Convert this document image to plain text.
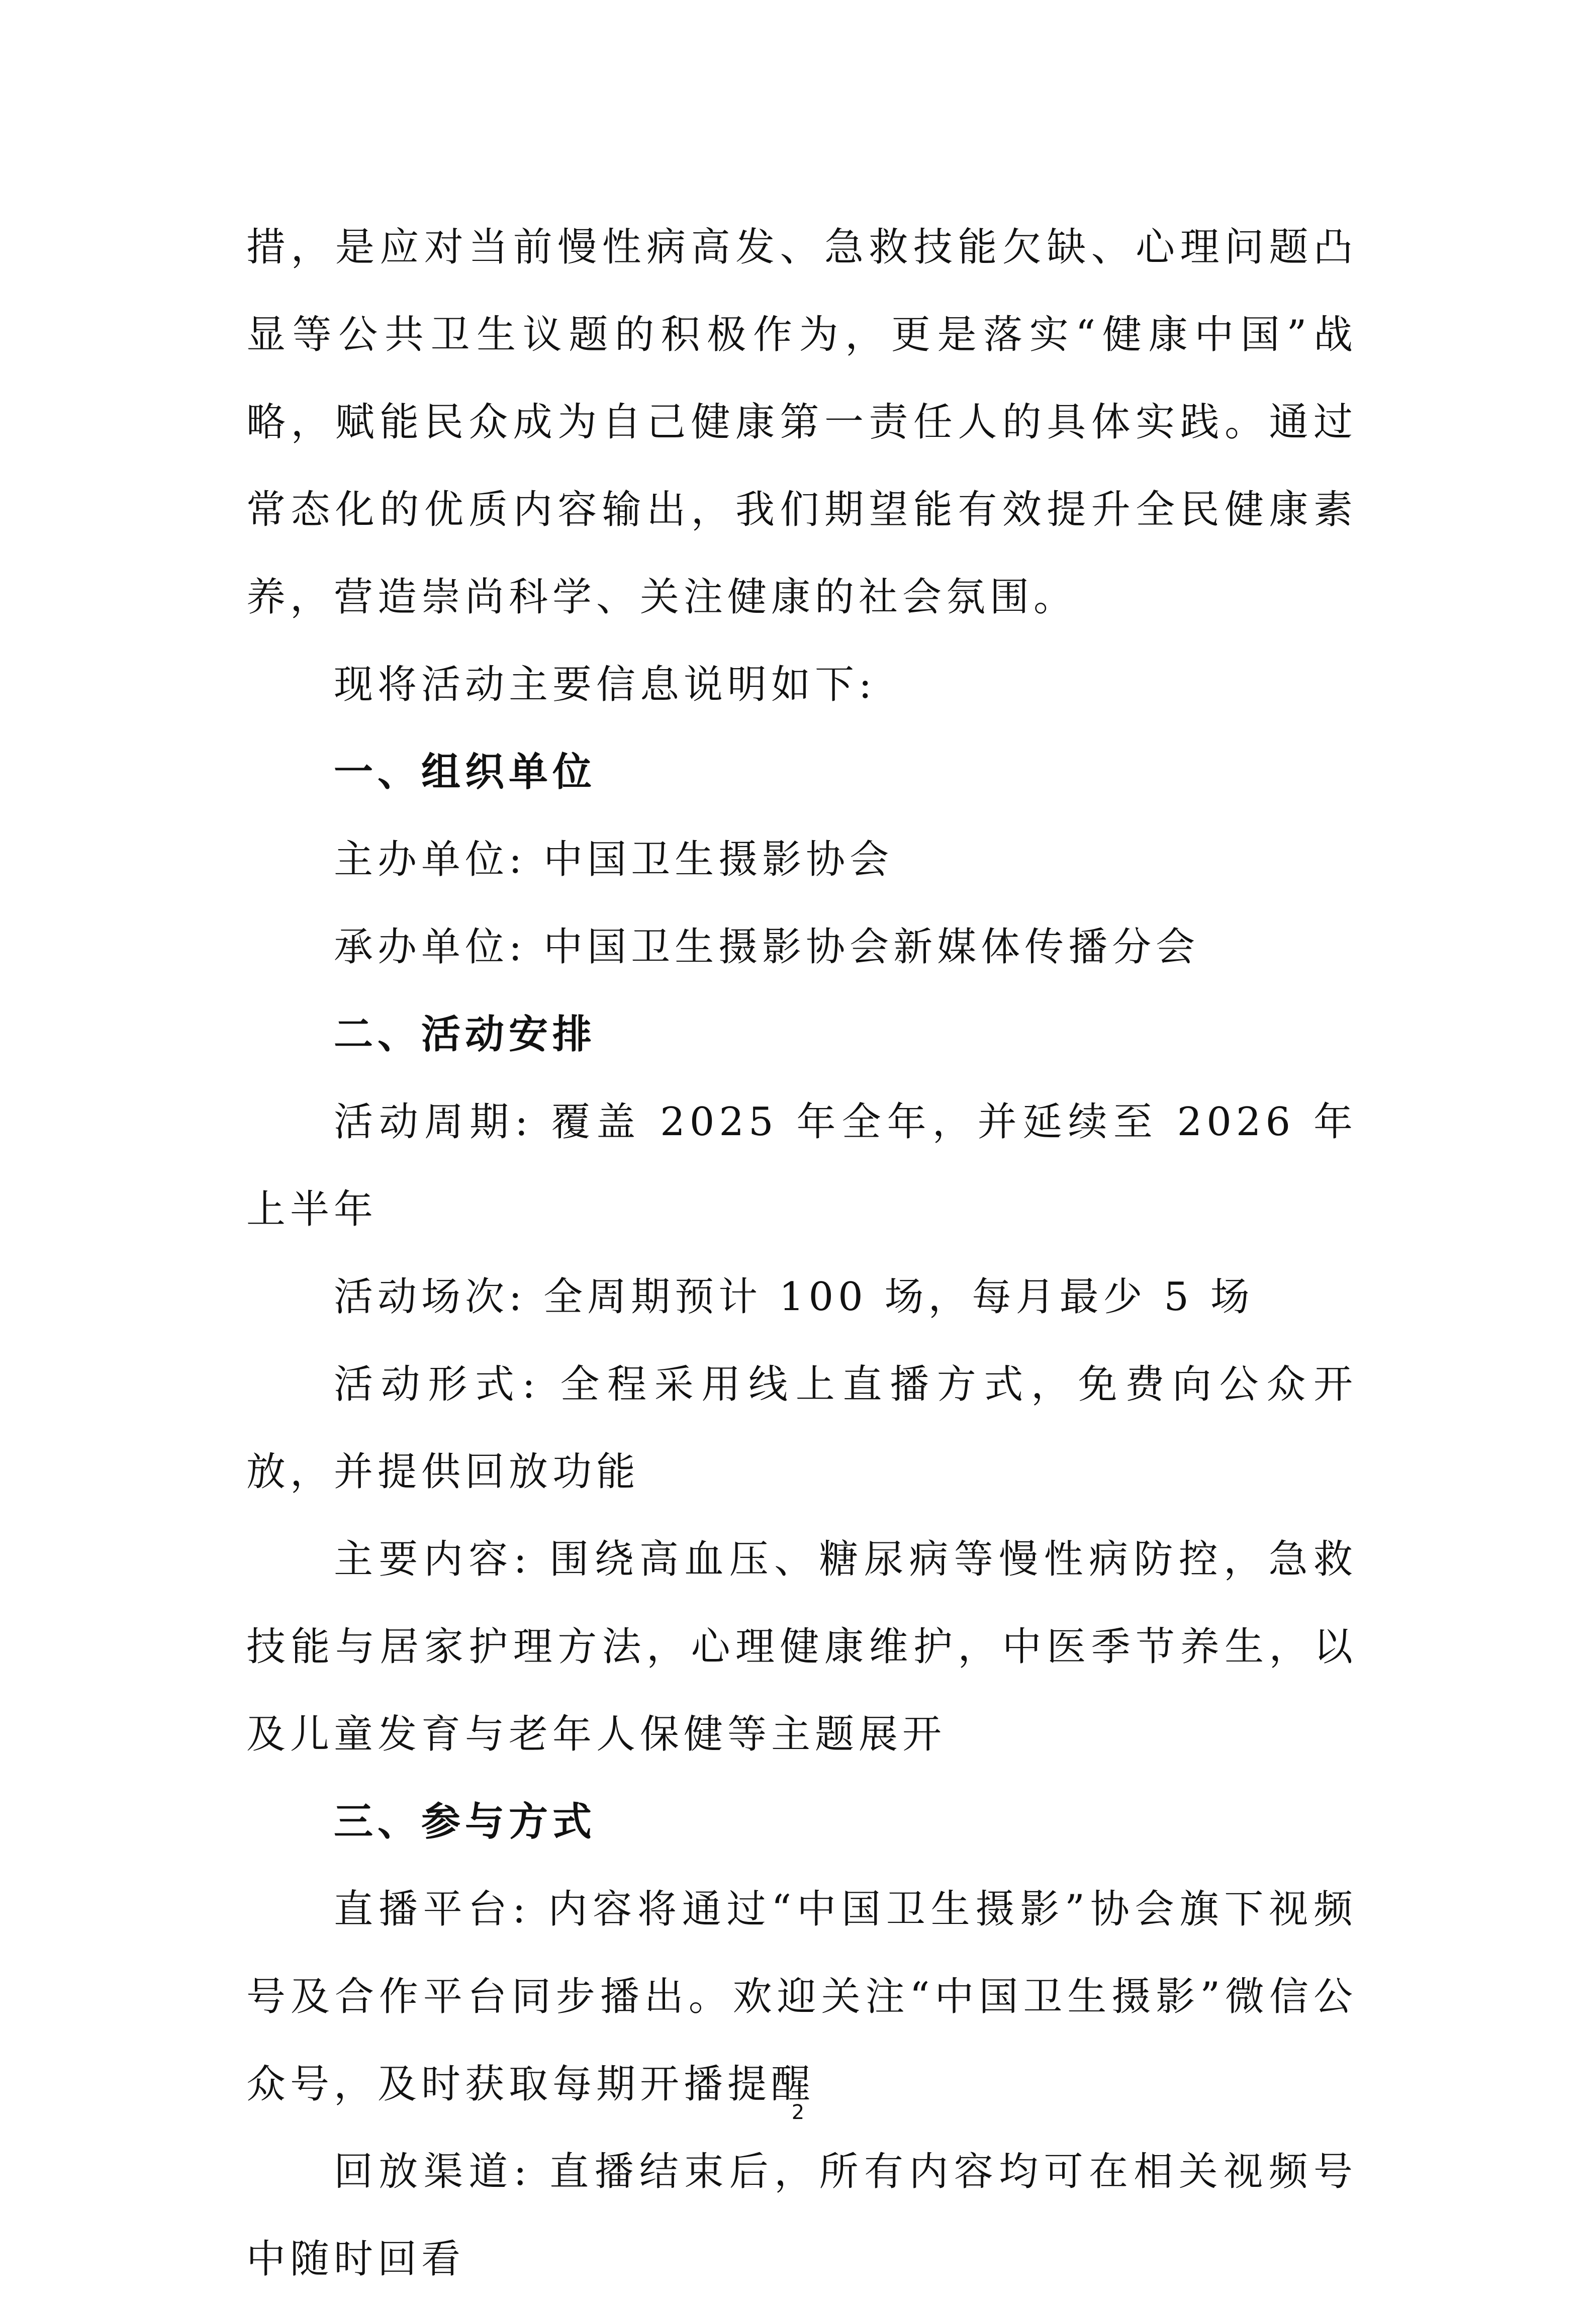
措，是应对当前慢性病高发、急救技能欠缺、心理问题凸显等公共卫生议题的积极作为，更是落实“健康中国”战略，赋能民众成为自己健康第一责任人的具体实践。通过常态化的优质内容输出，我们期望能有效提升全民健康素养，营造崇尚科学、关注健康的社会氛围。

现将活动主要信息说明如下:

一、组织单位

主办单位: 中国卫生摄影协会

承办单位: 中国卫生摄影协会新媒体传播分会

二、活动安排

活动周期: 覆盖 2025 年全年，并延续至 2026 年上半年

活动场次: 全周期预计 100 场，每月最少 5 场

活动形式: 全程采用线上直播方式，免费向公众开放，并提供回放功能

主要内容: 围绕高血压、糖尿病等慢性病防控，急救技能与居家护理方法，心理健康维护，中医季节养生，以及儿童发育与老年人保健等主题展开

三、参与方式

直播平台: 内容将通过“中国卫生摄影”协会旗下视频号及合作平台同步播出。欢迎关注“中国卫生摄影”微信公众号，及时获取每期开播提醒

回放渠道: 直播结束后，所有内容均可在相关视频号中随时回看

2
